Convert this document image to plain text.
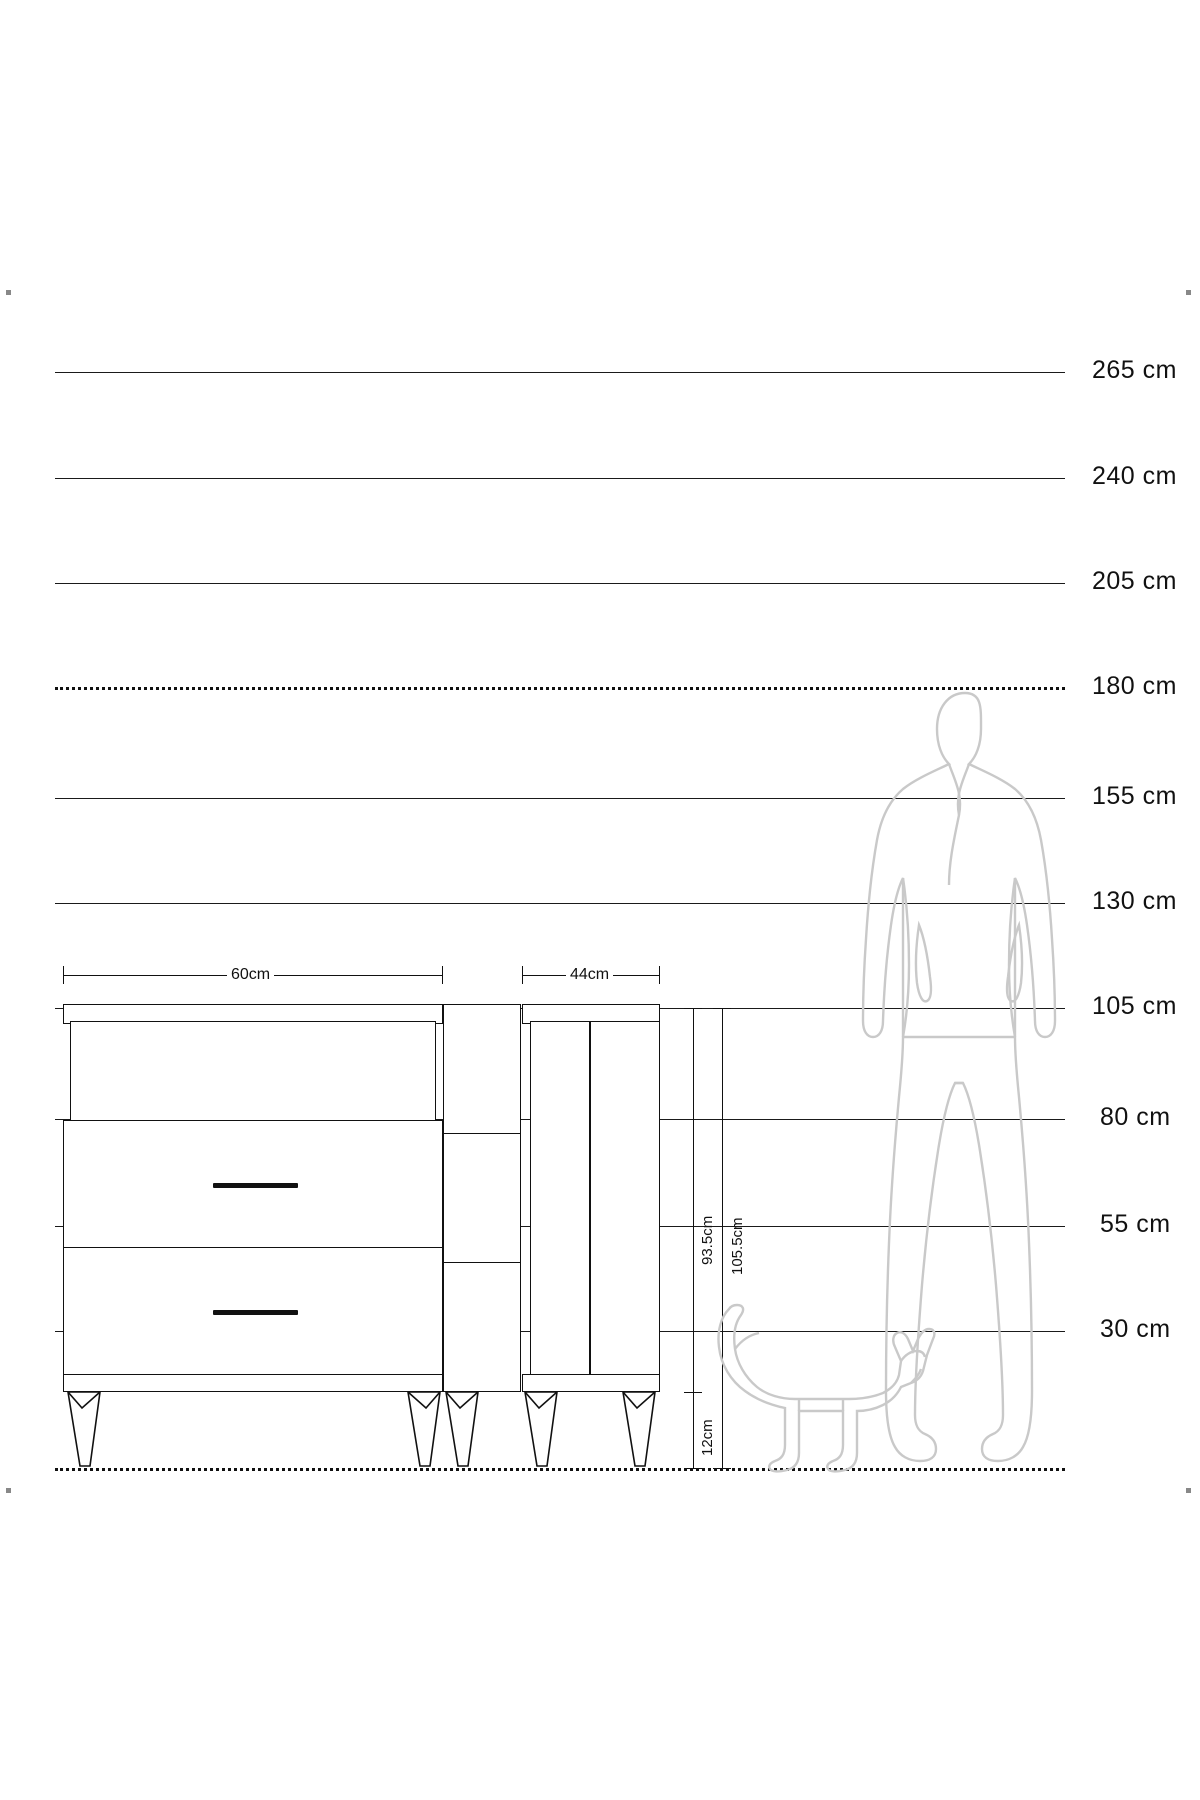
265 cm
240 cm
205 cm
180 cm
155 cm
130 cm
105 cm
80 cm
55 cm
30 cm
60cm	44cm
93.5cm 105.5cm
12cm
